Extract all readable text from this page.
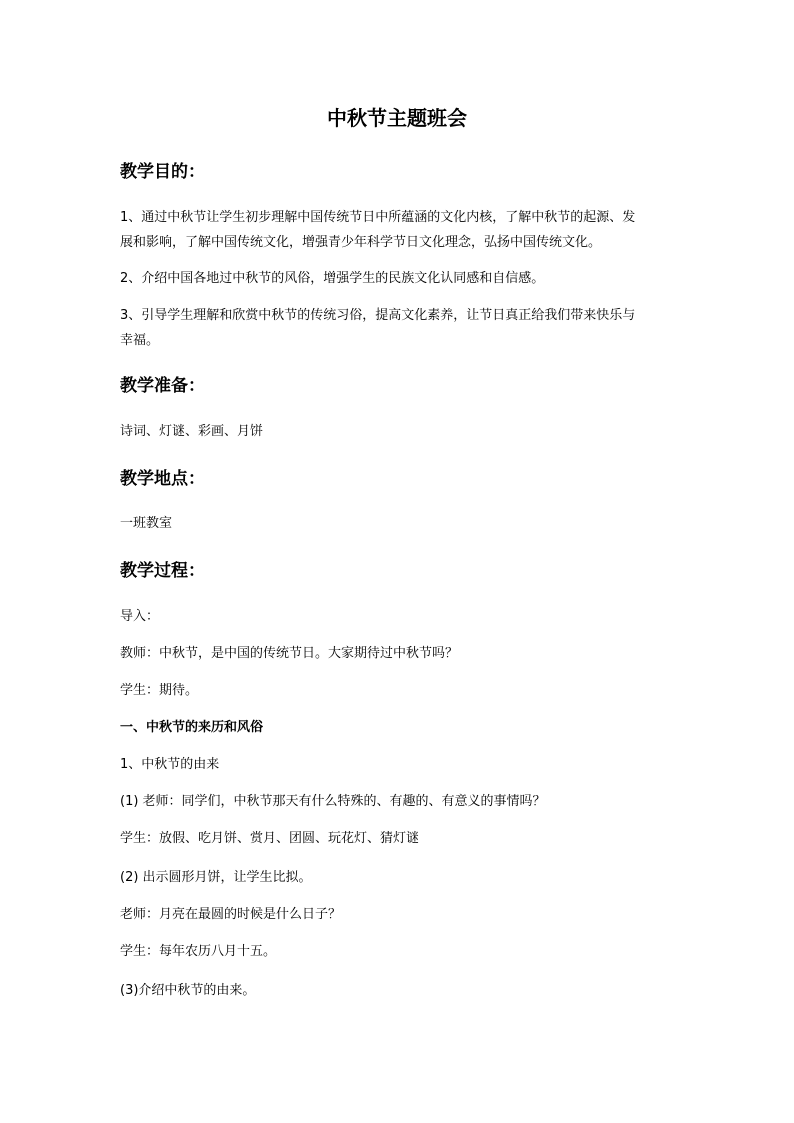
中秋节主题班会
教学目的：
1、通过中秋节让学生初步理解中国传统节日中所蕴涵的文化内核，了解中秋节的起源、发
展和影响，了解中国传统文化，增强青少年科学节日文化理念，弘扬中国传统文化。
2、介绍中国各地过中秋节的风俗，增强学生的民族文化认同感和自信感。
3、引导学生理解和欣赏中秋节的传统习俗，提高文化素养，让节日真正给我们带来快乐与
幸福。
教学准备：
诗词、灯谜、彩画、月饼
教学地点：
一班教室
教学过程：
导入：
教师：中秋节，是中国的传统节日。大家期待过中秋节吗？
学生：期待。
一、中秋节的来历和风俗
1、中秋节的由来
(1) 老师：同学们，中秋节那天有什么特殊的、有趣的、有意义的事情吗？
学生：放假、吃月饼、赏月、团圆、玩花灯、猜灯谜
(2) 出示圆形月饼，让学生比拟。
老师：月亮在最圆的时候是什么日子？
学生：每年农历八月十五。
(3)介绍中秋节的由来。
